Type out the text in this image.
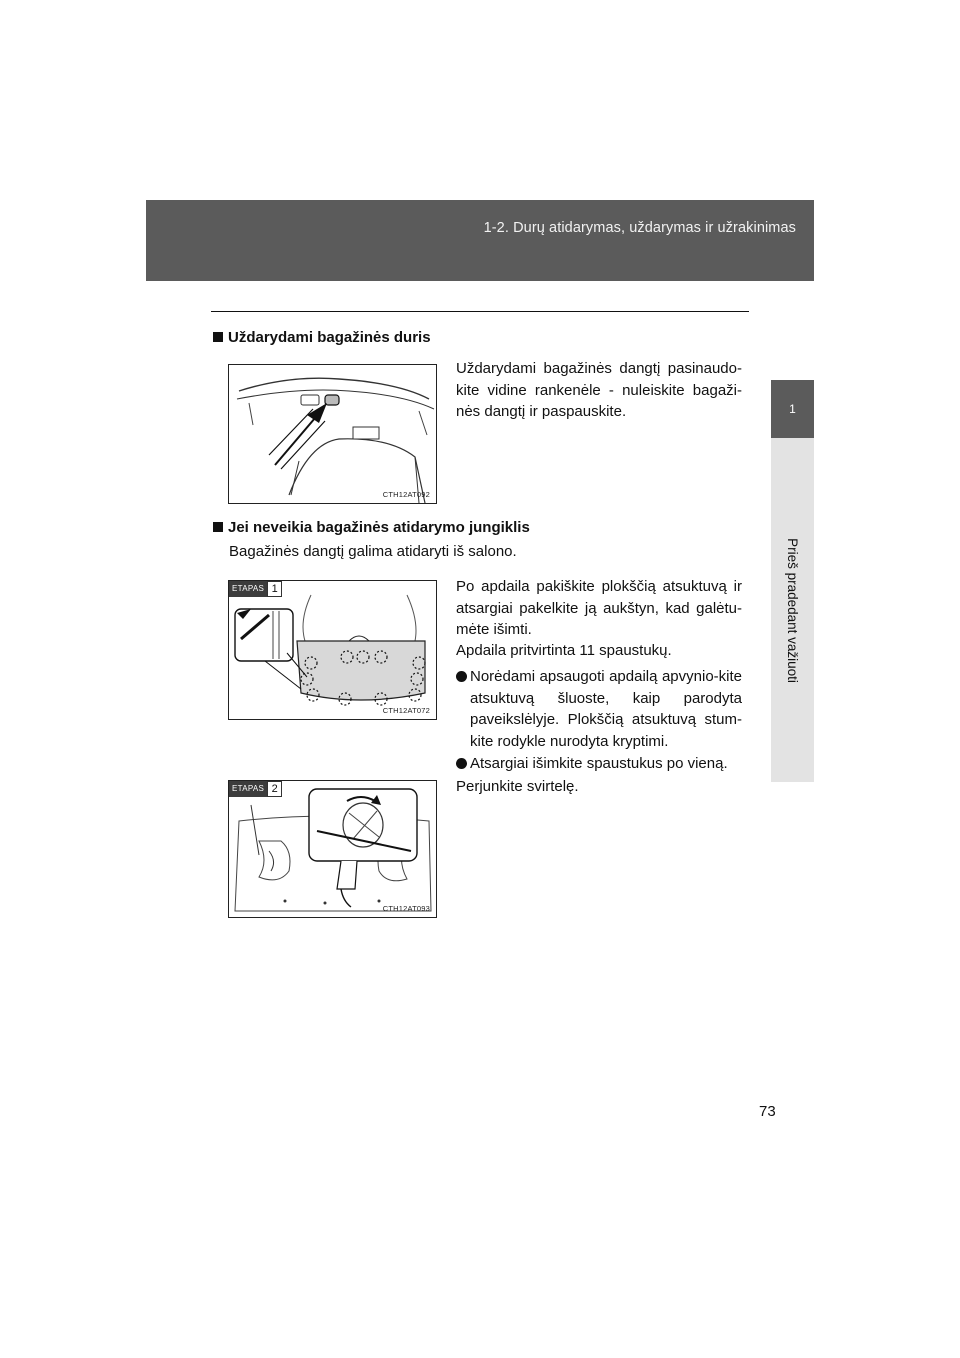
1-2. Durų atidarymas, uždarymas ir užrakinimas
1
Prieš pradedant važiuoti
Uždarydami bagažinės duris
CTH12AT092
Uždarydami bagažinės dangtį pasinaudo-kite vidine rankenėle - nuleiskite bagaži-nės dangtį ir paspauskite.
Jei neveikia bagažinės atidarymo jungiklis
Bagažinės dangtį galima atidaryti iš salono.
ETAPAS 1
CTH12AT072
Po apdaila pakiškite plokščią atsuktuvą ir atsargiai pakelkite ją aukštyn, kad galėtu-mėte išimti.
Apdaila pritvirtinta 11 spaustukų.
Norėdami apsaugoti apdailą apvynio-kite atsuktuvą šluoste, kaip parodyta paveikslėlyje. Plokščią atsuktuvą stum-kite rodykle nurodyta kryptimi.
Atsargiai išimkite spaustukus po vieną.
ETAPAS 2
CTH12AT093
Perjunkite svirtelę.
73
